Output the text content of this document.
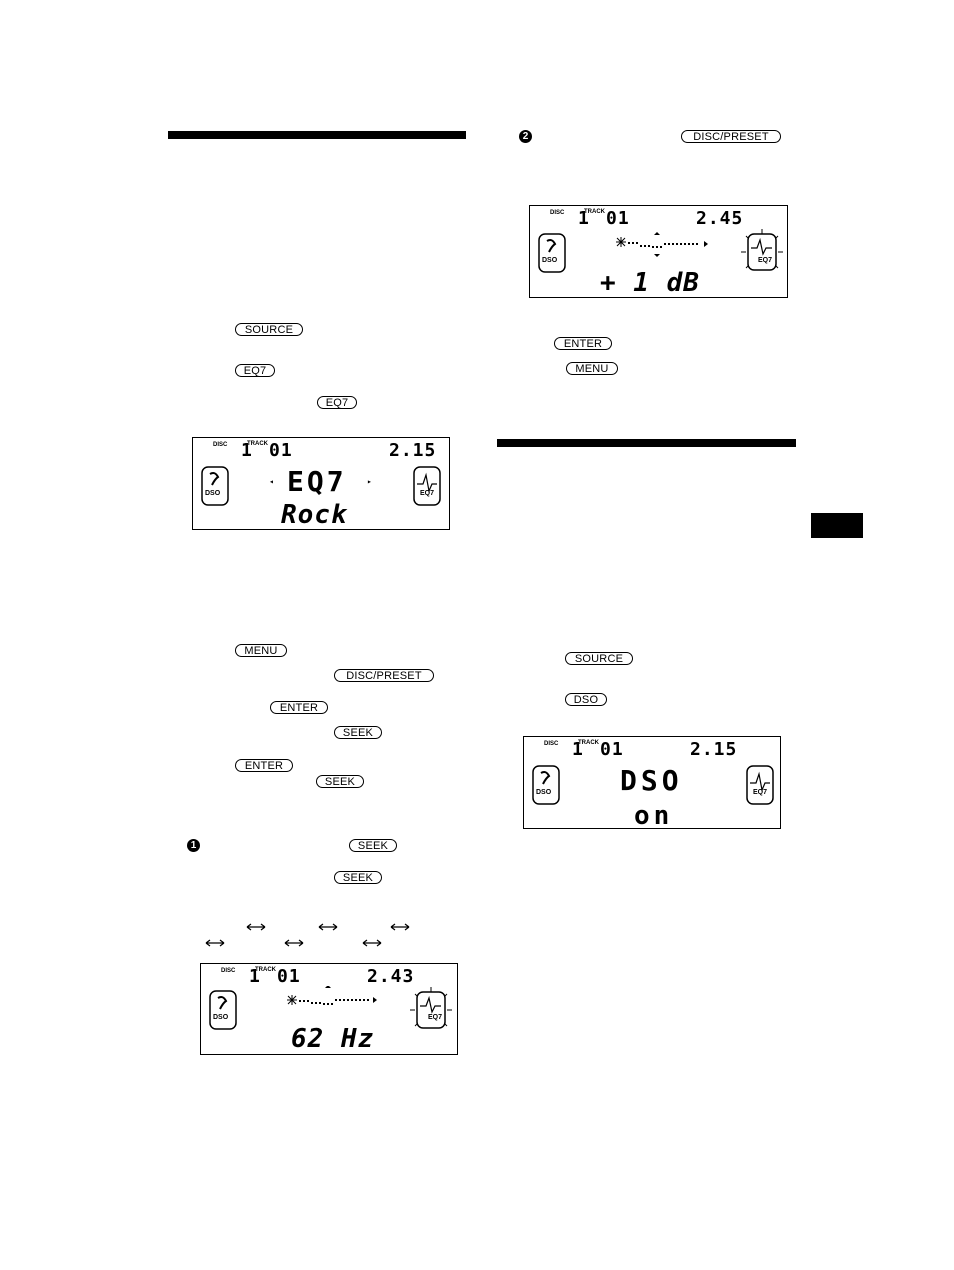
SOURCE
EQ7
EQ7
DISC 1
TRACK 01	2.15
DSO
◂ EQ7	▸
EQ7
Rock
MENU
DISC/PRESET
ENTER
SEEK
ENTER
SEEK
1	SEEK
SEEK
DISC 1
TRACK 01	2.43
DSO	EQ7
62 Hz
2	DISC/PRESET
DISC 1
TRACK 01	2.45
DSO	EQ7
+ 1 dB
ENTER
MENU
SOURCE
DSO
DISC 1
TRACK 01	2.15
DSO DSO	EQ7
on
